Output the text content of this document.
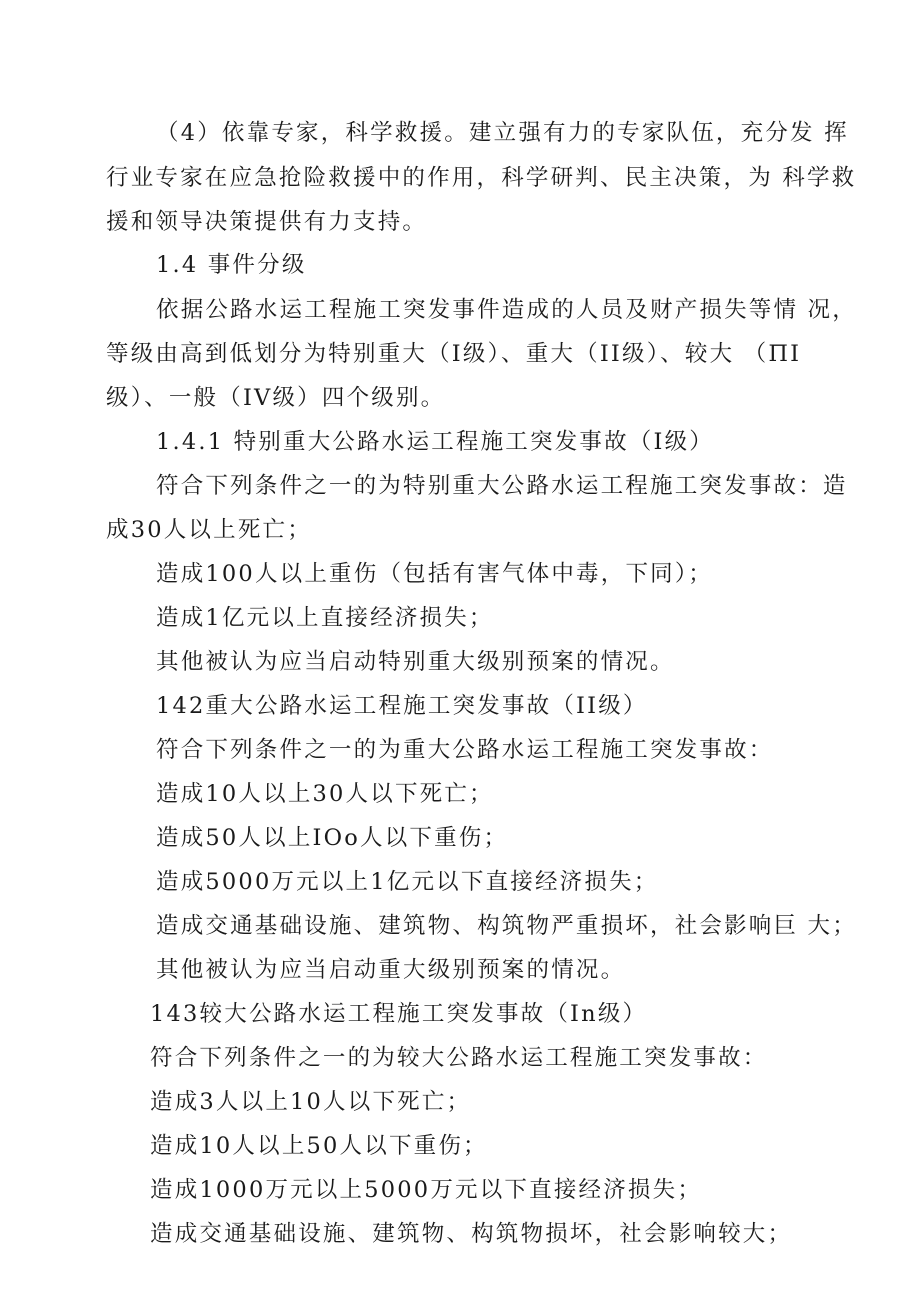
（4）依靠专家，科学救援。建立强有力的专家队伍，充分发 挥
行业专家在应急抢险救援中的作用，科学研判、民主决策，为 科学救
援和领导决策提供有力支持。
1.4 事件分级
依据公路水运工程施工突发事件造成的人员及财产损失等情 况，
等级由高到低划分为特别重大（I级）、重大（II级）、较大 （ΠI
级）、一般（IV级）四个级别。
1.4.1 特别重大公路水运工程施工突发事故（I级）
符合下列条件之一的为特别重大公路水运工程施工突发事故：造
成30人以上死亡；
造成100人以上重伤（包括有害气体中毒，下同）；
造成1亿元以上直接经济损失；
其他被认为应当启动特别重大级别预案的情况。
142重大公路水运工程施工突发事故（II级）
符合下列条件之一的为重大公路水运工程施工突发事故：
造成10人以上30人以下死亡；
造成50人以上IOo人以下重伤；
造成5000万元以上1亿元以下直接经济损失；
造成交通基础设施、建筑物、构筑物严重损坏，社会影响巨 大；
其他被认为应当启动重大级别预案的情况。
143较大公路水运工程施工突发事故（In级）
符合下列条件之一的为较大公路水运工程施工突发事故：
造成3人以上10人以下死亡；
造成10人以上50人以下重伤；
造成1000万元以上5000万元以下直接经济损失；
造成交通基础设施、建筑物、构筑物损坏，社会影响较大；
